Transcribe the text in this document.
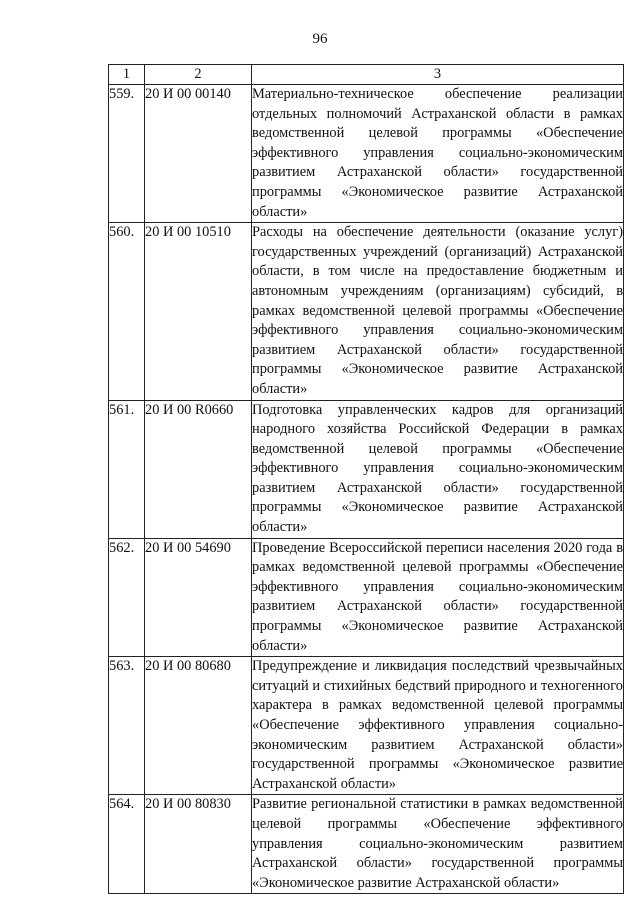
96
1	2	3
559.	20 И 00 00140	Материально-техническое обеспечение реализации отдельных полномочий Астраханской области в рамках ведомственной целевой программы «Обеспечение эффективного управления социально-экономическим развитием Астраханской области» государственной программы «Экономическое развитие Астраханской области»
560.	20 И 00 10510	Расходы на обеспечение деятельности (оказание услуг) государственных учреждений (организаций) Астраханской области, в том числе на предоставление бюджетным и автономным учреждениям (организациям) субсидий, в рамках ведомственной целевой программы «Обеспечение эффективного управления социально-экономическим развитием Астраханской области» государственной программы «Экономическое развитие Астраханской области»
561.	20 И 00 R0660	Подготовка управленческих кадров для организаций народного хозяйства Российской Федерации в рамках ведомственной целевой программы «Обеспечение эффективного управления социально-экономическим развитием Астраханской области» государственной программы «Экономическое развитие Астраханской области»
562.	20 И 00 54690	Проведение Всероссийской переписи населения 2020 года в рамках ведомственной целевой программы «Обеспечение эффективного управления социально-экономическим развитием Астраханской области» государственной программы «Экономическое развитие Астраханской области»
563.	20 И 00 80680	Предупреждение и ликвидация последствий чрезвычайных ситуаций и стихийных бедствий природного и техногенного характера в рамках ведомственной целевой программы «Обеспечение эффективного управления социально-экономическим развитием Астраханской области» государственной программы «Экономическое развитие Астраханской области»
564.	20 И 00 80830	Развитие региональной статистики в рамках ведомственной целевой программы «Обеспечение эффективного управления социально-экономическим развитием Астраханской области» государственной программы «Экономическое развитие Астраханской области»
